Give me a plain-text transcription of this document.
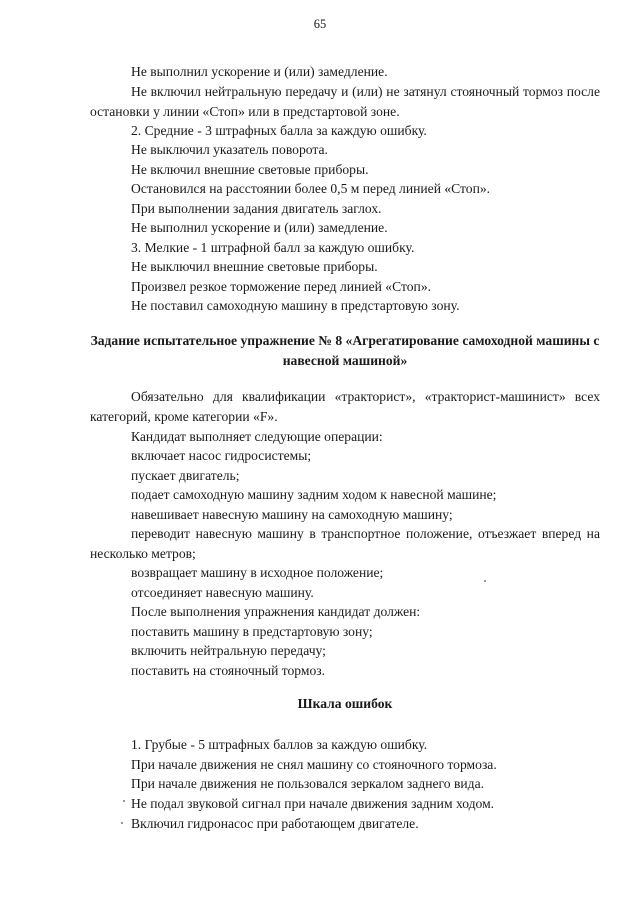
65

Не выполнил ускорение и (или) замедление.

Не включил нейтральную передачу и (или) не затянул стояночный тормоз после остановки у линии «Стоп» или в предстартовой зоне.

2. Средние - 3 штрафных балла за каждую ошибку.

Не выключил указатель поворота.

Не включил внешние световые приборы.

Остановился на расстоянии более 0,5 м перед линией «Стоп».

При выполнении задания двигатель заглох.

Не выполнил ускорение и (или) замедление.

3. Мелкие - 1 штрафной балл за каждую ошибку.

Не выключил внешние световые приборы.

Произвел резкое торможение перед линией «Стоп».

Не поставил самоходную машину в предстартовую зону.

Задание испытательное упражнение № 8 «Агрегатирование самоходной машины с навесной машиной»

Обязательно для квалификации «тракторист», «тракторист-машинист» всех категорий, кроме категории «F».

Кандидат выполняет следующие операции:

включает насос гидросистемы;

пускает двигатель;

подает самоходную машину задним ходом к навесной машине;

навешивает навесную машину на самоходную машину;

переводит навесную машину в транспортное положение, отъезжает вперед на несколько метров;

возвращает машину в исходное положение;

отсоединяет навесную машину.

После выполнения упражнения кандидат должен:

поставить машину в предстартовую зону;

включить нейтральную передачу;

поставить на стояночный тормоз.

Шкала ошибок

1. Грубые - 5 штрафных баллов за каждую ошибку.

При начале движения не снял машину со стояночного тормоза.

При начале движения не пользовался зеркалом заднего вида.

Не подал звуковой сигнал при начале движения задним ходом.

Включил гидронасос при работающем двигателе.
